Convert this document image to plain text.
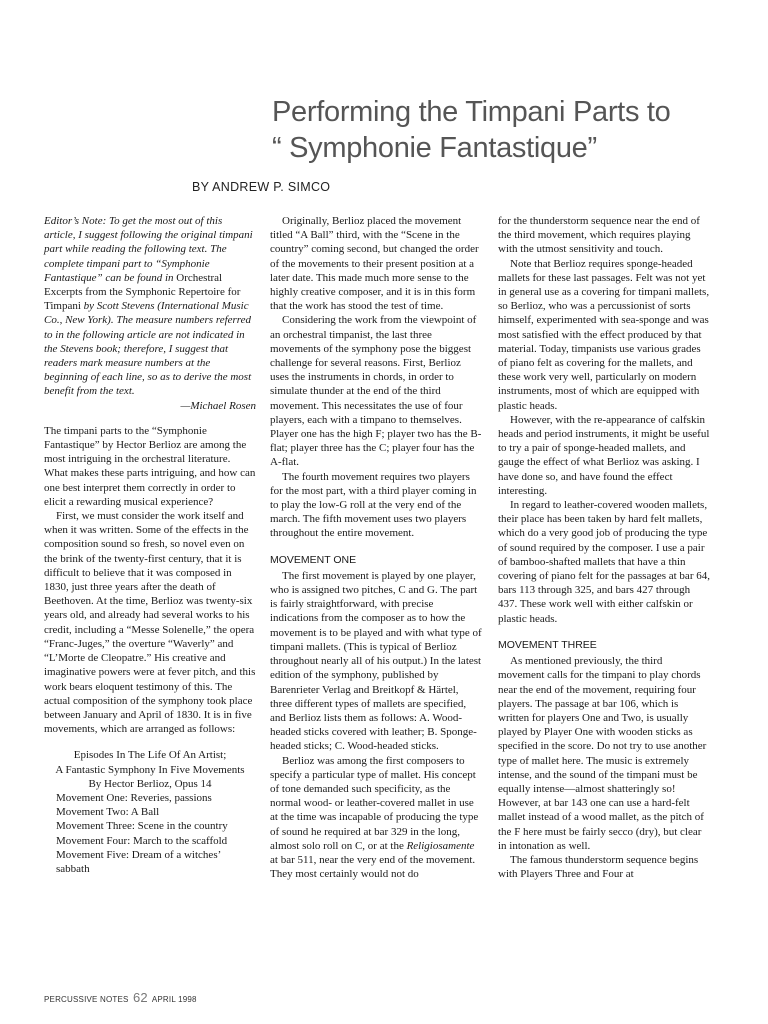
Performing the Timpani Parts to
“ Symphonie Fantastique”
BY ANDREW P. SIMCO

Editor’s Note: To get the most out of this article, I suggest following the original timpani part while reading the following text. The complete timpani part to “Symphonie Fantastique” can be found in Orchestral Excerpts from the Symphonic Repertoire for Timpani by Scott Stevens (International Music Co., New York). The measure numbers referred to in the following article are not indicated in the Stevens book; therefore, I suggest that readers mark measure numbers at the beginning of each line, so as to derive the most benefit from the text.

—Michael Rosen

The timpani parts to the “Symphonie Fantastique” by Hector Berlioz are among the most intriguing in the orchestral literature. What makes these parts intriguing, and how can one best interpret them correctly in order to elicit a rewarding musical experience?

First, we must consider the work itself and when it was written. Some of the effects in the composition sound so fresh, so novel even on the brink of the twenty-first century, that it is difficult to believe that it was composed in 1830, just three years after the death of Beethoven. At the time, Berlioz was twenty-six years old, and already had several works to his credit, including a “Messe Solenelle,” the opera “Franc-Juges,” the overture “Waverly” and “L’Morte de Cleopatre.” His creative and imaginative powers were at fever pitch, and this work bears eloquent testimony of this. The actual composition of the symphony took place between January and April of 1830. It is in five movements, which are arranged as follows:

Episodes In The Life Of An Artist;
A Fantastic Symphony In Five Movements
By Hector Berlioz, Opus 14
Movement One: Reveries, passions
Movement Two: A Ball
Movement Three: Scene in the country
Movement Four: March to the scaffold
Movement Five: Dream of a witches’ sabbath

Originally, Berlioz placed the movement titled “A Ball” third, with the “Scene in the country” coming second, but changed the order of the movements to their present position at a later date. This made much more sense to the highly creative composer, and it is in this form that the work has stood the test of time.

Considering the work from the viewpoint of an orchestral timpanist, the last three movements of the symphony pose the biggest challenge for several reasons. First, Berlioz uses the instruments in chords, in order to simulate thunder at the end of the third movement. This necessitates the use of four players, each with a timpano to themselves. Player one has the high F; player two has the B-flat; player three has the C; player four has the A-flat.

The fourth movement requires two players for the most part, with a third player coming in to play the low-G roll at the very end of the march. The fifth movement uses two players throughout the entire movement.

MOVEMENT ONE

The first movement is played by one player, who is assigned two pitches, C and G. The part is fairly straightforward, with precise indications from the composer as to how the movement is to be played and with what type of timpani mallets. (This is typical of Berlioz throughout nearly all of his output.) In the latest edition of the symphony, published by Barenrieter Verlag and Breitkopf & Härtel, three different types of mallets are specified, and Berlioz lists them as follows: A. Wood-headed sticks covered with leather; B. Sponge-headed sticks; C. Wood-headed sticks.

Berlioz was among the first composers to specify a particular type of mallet. His concept of tone demanded such specificity, as the normal wood- or leather-covered mallet in use at the time was incapable of producing the type of sound he required at bar 329 in the long, almost solo roll on C, or at the Religiosamente at bar 511, near the very end of the movement. They most certainly would not do

for the thunderstorm sequence near the end of the third movement, which requires playing with the utmost sensitivity and touch.

Note that Berlioz requires sponge-headed mallets for these last passages. Felt was not yet in general use as a covering for timpani mallets, so Berlioz, who was a percussionist of sorts himself, experimented with sea-sponge and was most satisfied with the effect produced by that material. Today, timpanists use various grades of piano felt as covering for the mallets, and these work very well, particularly on modern instruments, most of which are equipped with plastic heads.

However, with the re-appearance of calfskin heads and period instruments, it might be useful to try a pair of sponge-headed mallets, and gauge the effect of what Berlioz was asking. I have done so, and have found the effect interesting.

In regard to leather-covered wooden mallets, their place has been taken by hard felt mallets, which do a very good job of producing the type of sound required by the composer. I use a pair of bamboo-shafted mallets that have a thin covering of piano felt for the passages at bar 64, bars 113 through 325, and bars 427 through 437. These work well with either calfskin or plastic heads.

MOVEMENT THREE

As mentioned previously, the third movement calls for the timpani to play chords near the end of the movement, requiring four players. The passage at bar 106, which is written for players One and Two, is usually played by Player One with wooden sticks as specified in the score. Do not try to use another type of mallet here. The music is extremely intense, and the sound of the timpani must be equally intense—almost shatteringly so! However, at bar 143 one can use a hard-felt mallet instead of a wood mallet, as the pitch of the F here must be fairly secco (dry), but clear in intonation as well.

The famous thunderstorm sequence begins with Players Three and Four at

PERCUSSIVE NOTES 62 APRIL 1998
